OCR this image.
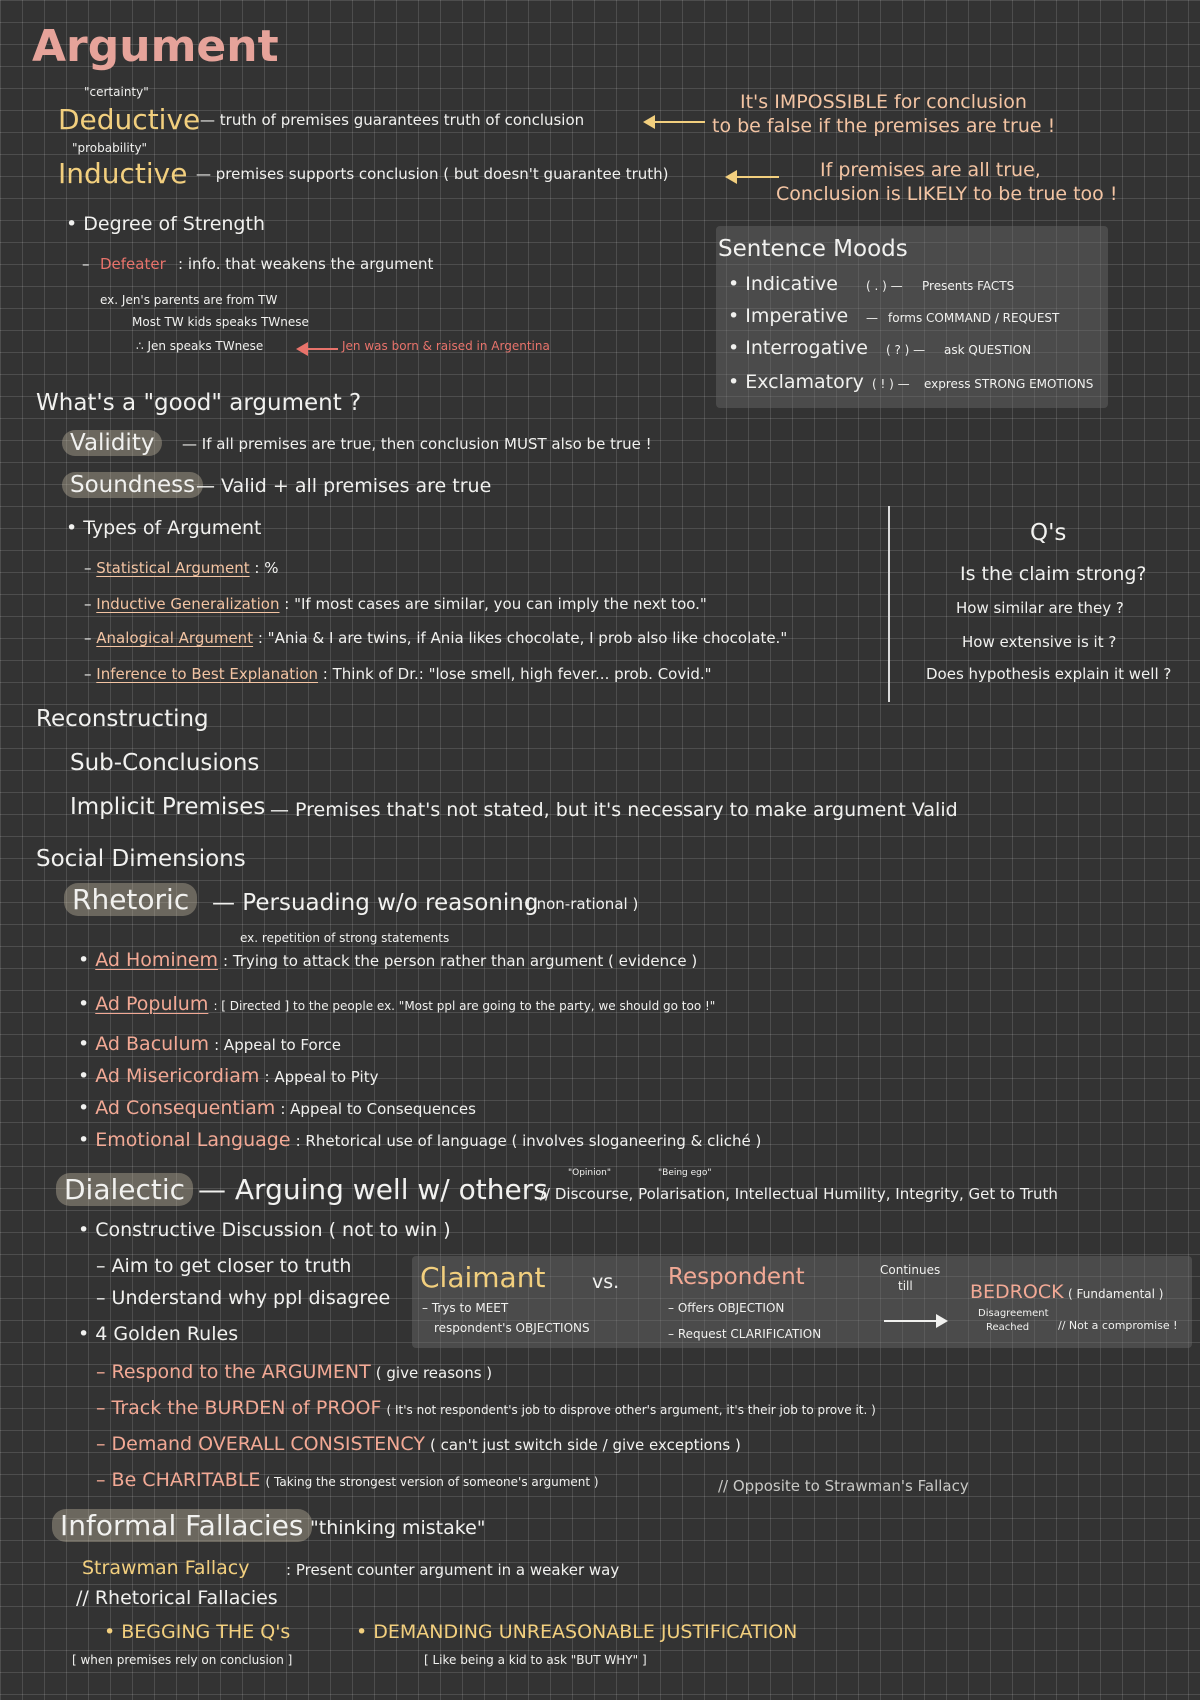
Argument
"certainty"
Deductive — truth of premises guarantees truth of conclusion
It's IMPOSSIBLE for conclusion
to be false if the premises are true !
"probability"
Inductive — premises supports conclusion ( but doesn't guarantee truth)	If premises are all true,
Conclusion is LIKELY to be true too !
• Degree of Strength
– Defeater : info. that weakens the argument
ex. Jen's parents are from TW
Most TW kids speaks TWnese
∴ Jen speaks TWnese	Jen was born & raised in Argentina
Sentence Moods
• Indicative ( . ) — Presents FACTS
• Imperative — forms COMMAND / REQUEST
• Interrogative ( ? ) — ask QUESTION
• Exclamatory ( ! ) — express STRONG EMOTIONS
What's a "good" argument ?
Validity	— If all premises are true, then conclusion MUST also be true !
Soundness — Valid + all premises are true
• Types of Argument
– Statistical Argument : %
– Inductive Generalization : "If most cases are similar, you can imply the next too."
– Analogical Argument : "Ania & I are twins, if Ania likes chocolate, I prob also like chocolate."
– Inference to Best Explanation : Think of Dr.: "lose smell, high fever... prob. Covid."
Q's
Is the claim strong?
How similar are they ?
How extensive is it ?
Does hypothesis explain it well ?
Reconstructing
Sub-Conclusions
Implicit Premises — Premises that's not stated, but it's necessary to make argument Valid
Social Dimensions
Rhetoric — Persuading w/o reasoning
( non-rational )
ex. repetition of strong statements
• Ad Hominem : Trying to attack the person rather than argument ( evidence )
• Ad Populum : [ Directed ] to the people ex. "Most ppl are going to the party, we should go too !"
• Ad Baculum : Appeal to Force
• Ad Misericordiam : Appeal to Pity
• Ad Consequentiam : Appeal to Consequences
• Emotional Language : Rhetorical use of language ( involves sloganeering & cliché )
Dialectic — Arguing well w/ others "Opinion"	"Being ego"
// Discourse, Polarisation, Intellectual Humility, Integrity, Get to Truth
• Constructive Discussion ( not to win )
– Aim to get closer to truth
– Understand why ppl disagree
Claimant
– Trys to MEET
respondent's OBJECTIONS
vs. Respondent
– Offers OBJECTION
– Request CLARIFICATION
Continues
till	BEDROCK ( Fundamental )
Disagreement
Reached	// Not a compromise !
• 4 Golden Rules
– Respond to the ARGUMENT ( give reasons )
– Track the BURDEN of PROOF ( It's not respondent's job to disprove other's argument, it's their job to prove it. )
– Demand OVERALL CONSISTENCY ( can't just switch side / give exceptions )
– Be CHARITABLE ( Taking the strongest version of someone's argument )	// Opposite to Strawman's Fallacy
Informal Fallacies "thinking mistake"
Strawman Fallacy : Present counter argument in a weaker way
// Rhetorical Fallacies
• BEGGING THE Q's
[ when premises rely on conclusion ]
• DEMANDING UNREASONABLE JUSTIFICATION
[ Like being a kid to ask "BUT WHY" ]
